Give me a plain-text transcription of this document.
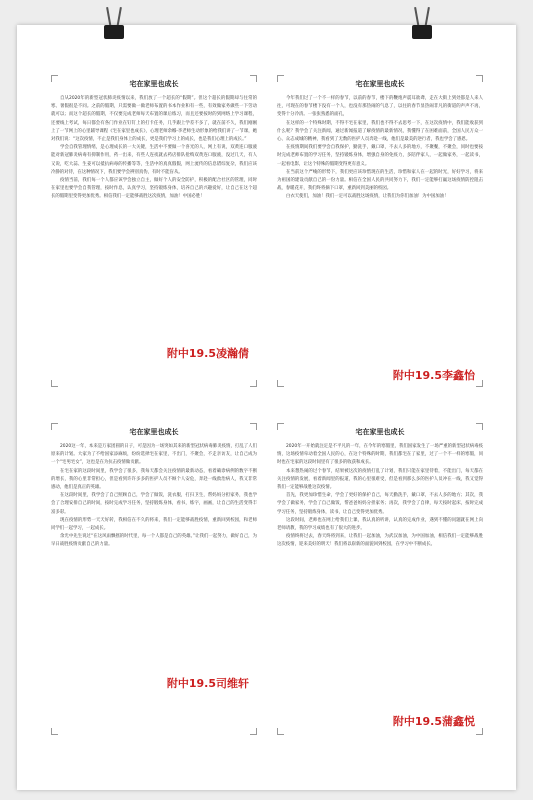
宅在家里也成长

自从2020年的新型冠状肺炎疫情以来，我们放了一个超长的“假期”。但这个超长的假期却与往常的寒、暑假很是不同。之前的假期，只需要做一做老师布置的书本作业和有一些，有效做家务做些一下劳动就可以；而这个超长的假期，不仅要完成老师每天布置的课后练习，而且还要按时的到网络上学习课程，还要线上考试，每日都会有各门作业在钉钉上的打卡任务，几乎跟上学差不多了，就在前不久，我们刚刚上了一节网上的心里辅导课程《宅在家里也成长》，心理老师余娜-李老师生动形象的给我们讲了一节课，她对我们说：“这次疫情，不止是我们身体上的成长，更是我们学习上的成长，也是我们心理上的成长。”

学会自我管理情绪，是心理成长的一大关键，生活中不要做一个喜光的人，网上有说，双黄连口服液能对新冠肺炎病毒有抑制作用，药一出来，有些人连夜就去药店排队抢购双黄连口服液，没过几天，有人又说，吃大蒜、生姜可以抵抗病毒的传播等等，生活中的真真假假，网上流传的信息错综复杂，我们应该冷静的对待，在这种情况下，我们要学会辨别真伪，有时不能盲从。

疫情当前，我们每一个人都应该学会独立自主，做好个人的安全防护，积极的配合社区的管理，同时在家里也要学会自我管理，按时作息，认真学习，坚持锻炼身体，培养自己的兴趣爱好，让自己在这个超长的假期里变得更加优秀。相信我们一定能够战胜这次疫情，加油！中国必胜！

附中19.5凌瀚倩
宅在家里也成长

今年我们过了一个不一样的春节，以前的春节，楼下的鞭炮声震耳欲聋，走在大街上到处都是人来人往，可现在的春节楼下没有一个人，也没有那热闹的气息了，以往的春节显热闹非凡的街道的声声不再，变得十分冷清。一张张熟悉的面孔，

在这样的一个特殊时期，不得不宅在家里，我们也不得不去思考一下，在这次疫情中，我们能收获到什么呢？我学会了关注新闻，通过新闻报道了解疫情的最新情况，我懂得了在困难面前，全国人民万众一心、众志成城的精神，我看到了无数的医护人员奔赴一线，他们是最美的逆行者，我也学会了感恩。

在疫情期间我们要学会自我保护，勤洗手，戴口罩，不去人多的地方，不聚餐，不聚会，同时也要按时完成老师布置的学习任务，坚持锻炼身体，增强自身的免疫力，多陪伴家人，一起做家务，一起读书，一起看电影，让这个特殊的假期变得更有意义。

在当前这个严峻的形势下，我们更应该珍惜现在的生活，珍惜和家人在一起的时光，好好学习，将来为祖国的建设贡献自己的一份力量。相信在全国人民的共同努力下，我们一定能够打赢这场疫情防控阻击战，春暖花开，我们终将摘下口罩，重新回到美丽的校园。

白衣天使们，加油！我们一定可以战胜这场疫情，让我们为你们加油！为中国加油！

附中19.5李鑫怡
宅在家里也成长

2020这一年，本来是万家团圆的日子，可是因为一场突如其来的新型冠状病毒肺炎疫情，打乱了人们原来的计划。大家为了不给国家添麻烦，纷纷选择宅在家里，不出门，不聚会，不走亲访友，让自己成为一个“宅男宅女”，这也是在为抗击疫情做贡献。

在宅在家的这段时间里，我学会了很多，我每天都会关注疫情的最新动态，看着确诊病例的数字不断的增长，我的心里非常担心，但是看到许许多多的医护人员不顾个人安危，奔赴一线救治病人，我又非常感动，他们是真正的英雄。

在这段时间里，我学会了自己照顾自己，学会了做饭，洗衣服，打扫卫生，帮妈妈分担家务，我也学会了合理安排自己的时间，按时完成学习任务，坚持锻炼身体，看书，练字，画画，让自己的生活变得丰富多彩。

现在疫情的形势一天天好转，我相信在不久的将来，我们一定能够战胜疫情，重新回到校园，和老师同学们一起学习，一起成长。

余光中先生说过“在这风雨飘摇的时代里，每一个人都是自己的英雄。”让我们一起努力，做好自己，为早日战胜疫情贡献自己的力量。

附中19.5司维轩
宅在家里也成长

2020年一开始就注定是不平凡的一年，在今年的寒假里，我们国家发生了一场严重的新型冠状病毒疫情，这场疫情牵动着全国人民的心，在这个特殊的时期，我们都宅在了家里，过了一个不一样的寒假，同时也在宅家的这段时间里有了很多的收获和成长。

本来想热闹的过个春节，结果被这次的疫情打乱了计划，我们只能在家里待着，不能出门，每天都在关注疫情的发展，看着新闻里的报道，我的心里很难受，但是看到那么多的医护人员冲在一线，我又觉得我们一定能够战胜这次疫情。

首先，我更加珍惜生命，学会了更好的保护自己，每天勤洗手，戴口罩，不去人多的地方；其次，我学会了做家务，学会了自己做饭，帮爸爸妈妈分担家务；再次，我学会了自律，每天按时起床，按时完成学习任务，坚持锻炼身体，读书，让自己变得更加优秀。

这段时间，老师也在网上给我们上课，我认真的听讲，认真的完成作业，遇到不懂的问题就在网上向老师请教，我的学习成绩也有了很大的进步。

疫情终将过去，春天终将到来，让我们一起加油，为武汉加油，为中国加油，相信我们一定能够战胜这次疫情，迎来美好的明天！我们将以崭新的面貌回到校园，在学习中不断成长。

附中19.5蒲鑫悦
